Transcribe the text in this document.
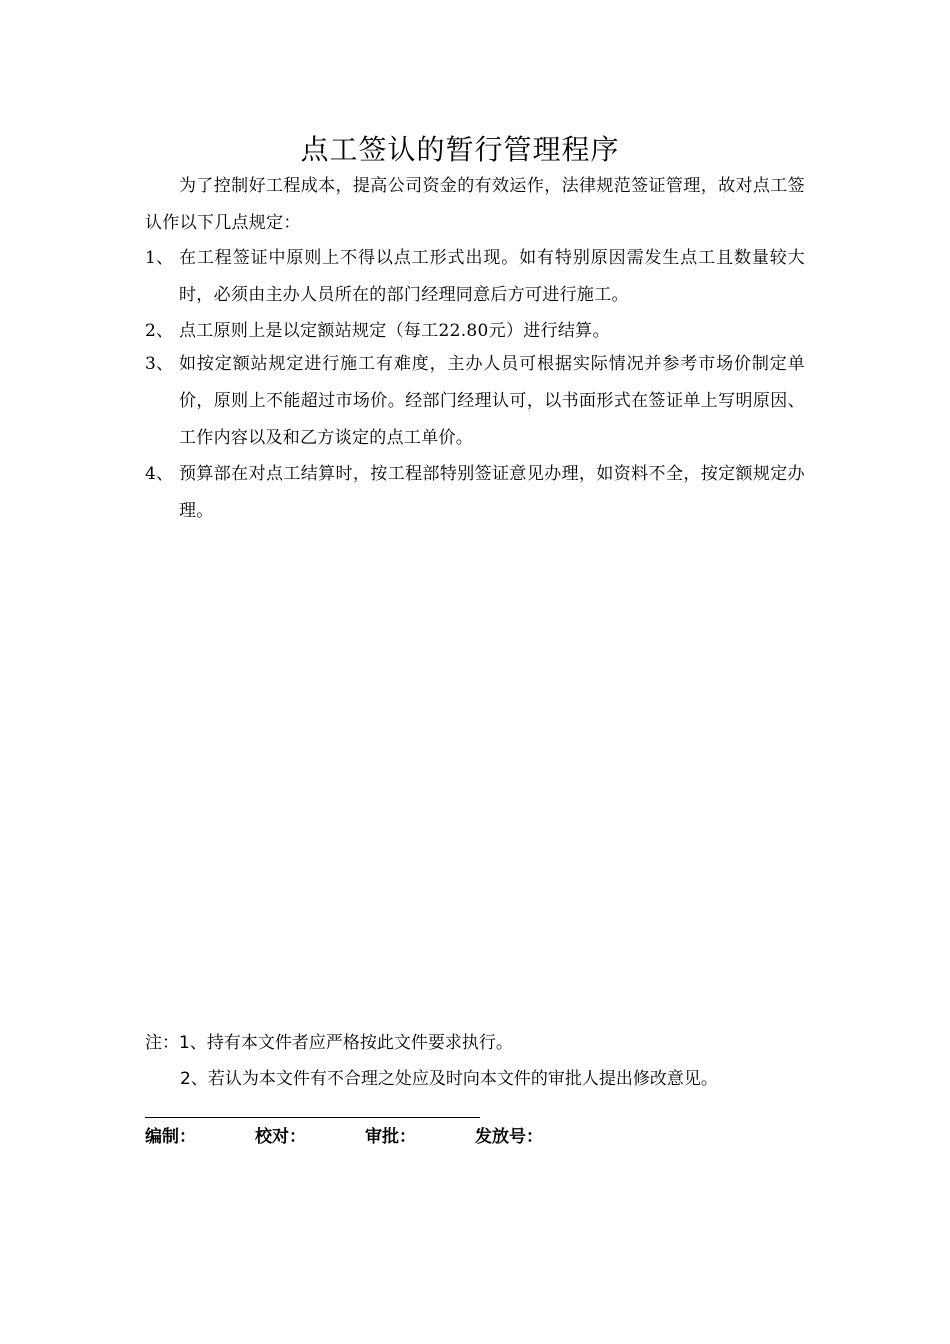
点工签认的暂行管理程序
为了控制好工程成本，提高公司资金的有效运作，法律规范签证管理，故对点工签认作以下几点规定：
1、 在工程签证中原则上不得以点工形式出现。如有特别原因需发生点工且数量较大时，必须由主办人员所在的部门经理同意后方可进行施工。
2、 点工原则上是以定额站规定（每工22.80元）进行结算。
3、 如按定额站规定进行施工有难度，主办人员可根据实际情况并参考市场价制定单价，原则上不能超过市场价。经部门经理认可，以书面形式在签证单上写明原因、工作内容以及和乙方谈定的点工单价。
4、 预算部在对点工结算时，按工程部特别签证意见办理，如资料不全，按定额规定办理。
注：1、持有本文件者应严格按此文件要求执行。
2、若认为本文件有不合理之处应及时向本文件的审批人提出修改意见。
编制：	校对：	审批：	发放号：
